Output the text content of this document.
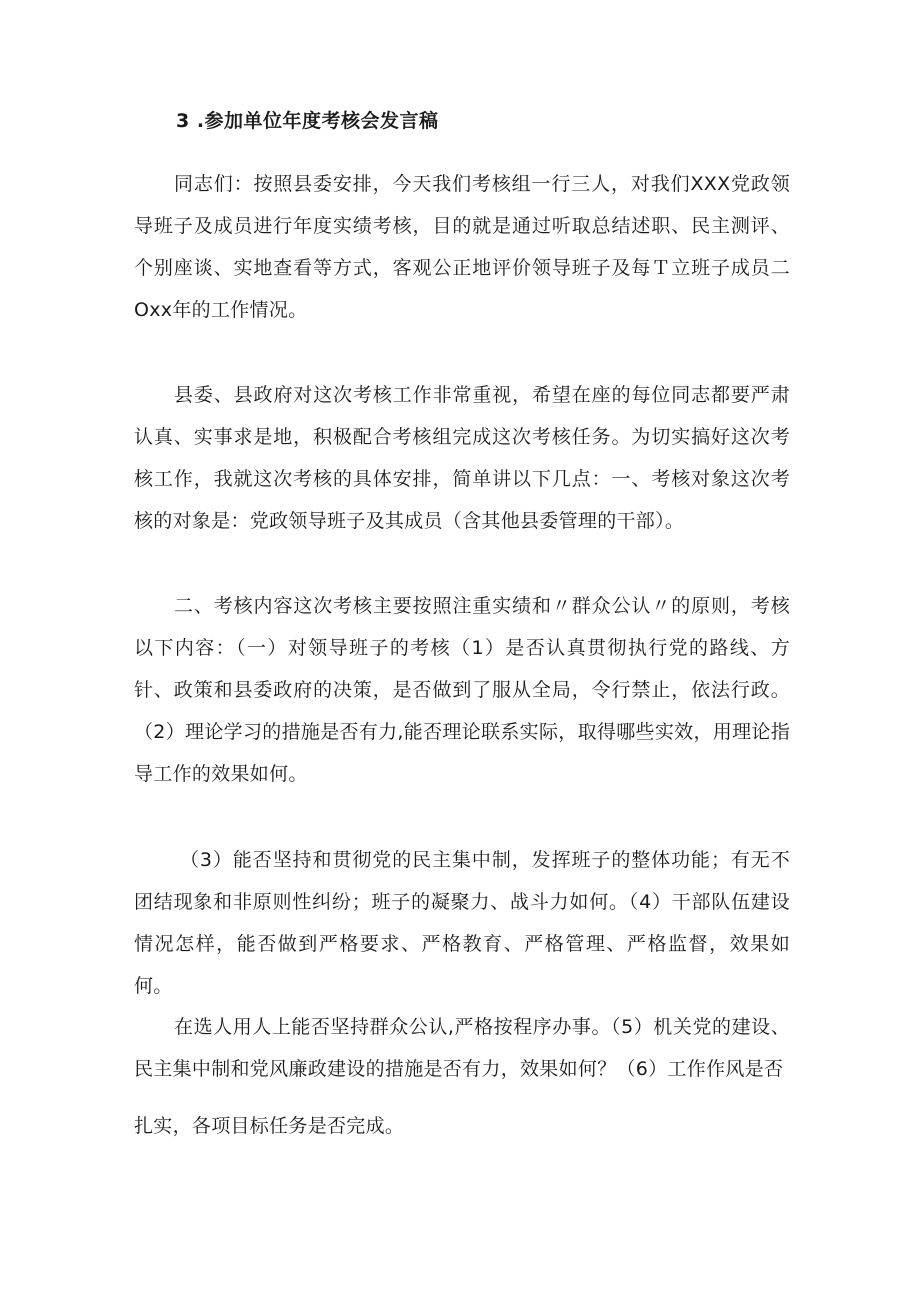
3 .参加单位年度考核会发言稿

同志们：按照县委安排，今天我们考核组一行三人，对我们XXX党政领导班子及成员进行年度实绩考核，目的就是通过听取总结述职、民主测评、个别座谈、实地查看等方式，客观公正地评价领导班子及每Ｔ立班子成员二Oxx年的工作情况。

县委、县政府对这次考核工作非常重视，希望在座的每位同志都要严肃认真、实事求是地，积极配合考核组完成这次考核任务。为切实搞好这次考核工作，我就这次考核的具体安排，简单讲以下几点：一、考核对象这次考核的对象是：党政领导班子及其成员（含其他县委管理的干部）。

二、考核内容这次考核主要按照注重实绩和〃群众公认〃的原则，考核以下内容：（一）对领导班子的考核（1）是否认真贯彻执行党的路线、方针、政策和县委政府的决策，是否做到了服从全局，令行禁止，依法行政。（2）理论学习的措施是否有力,能否理论联系实际，取得哪些实效，用理论指导工作的效果如何。

（3）能否坚持和贯彻党的民主集中制，发挥班子的整体功能；有无不团结现象和非原则性纠纷；班子的凝聚力、战斗力如何。（4）干部队伍建设情况怎样，能否做到严格要求、严格教育、严格管理、严格监督，效果如何。

在选人用人上能否坚持群众公认,严格按程序办事。（5）机关党的建设、民主集中制和党风廉政建设的措施是否有力，效果如何？（6）工作作风是否

扎实，各项目标任务是否完成。
